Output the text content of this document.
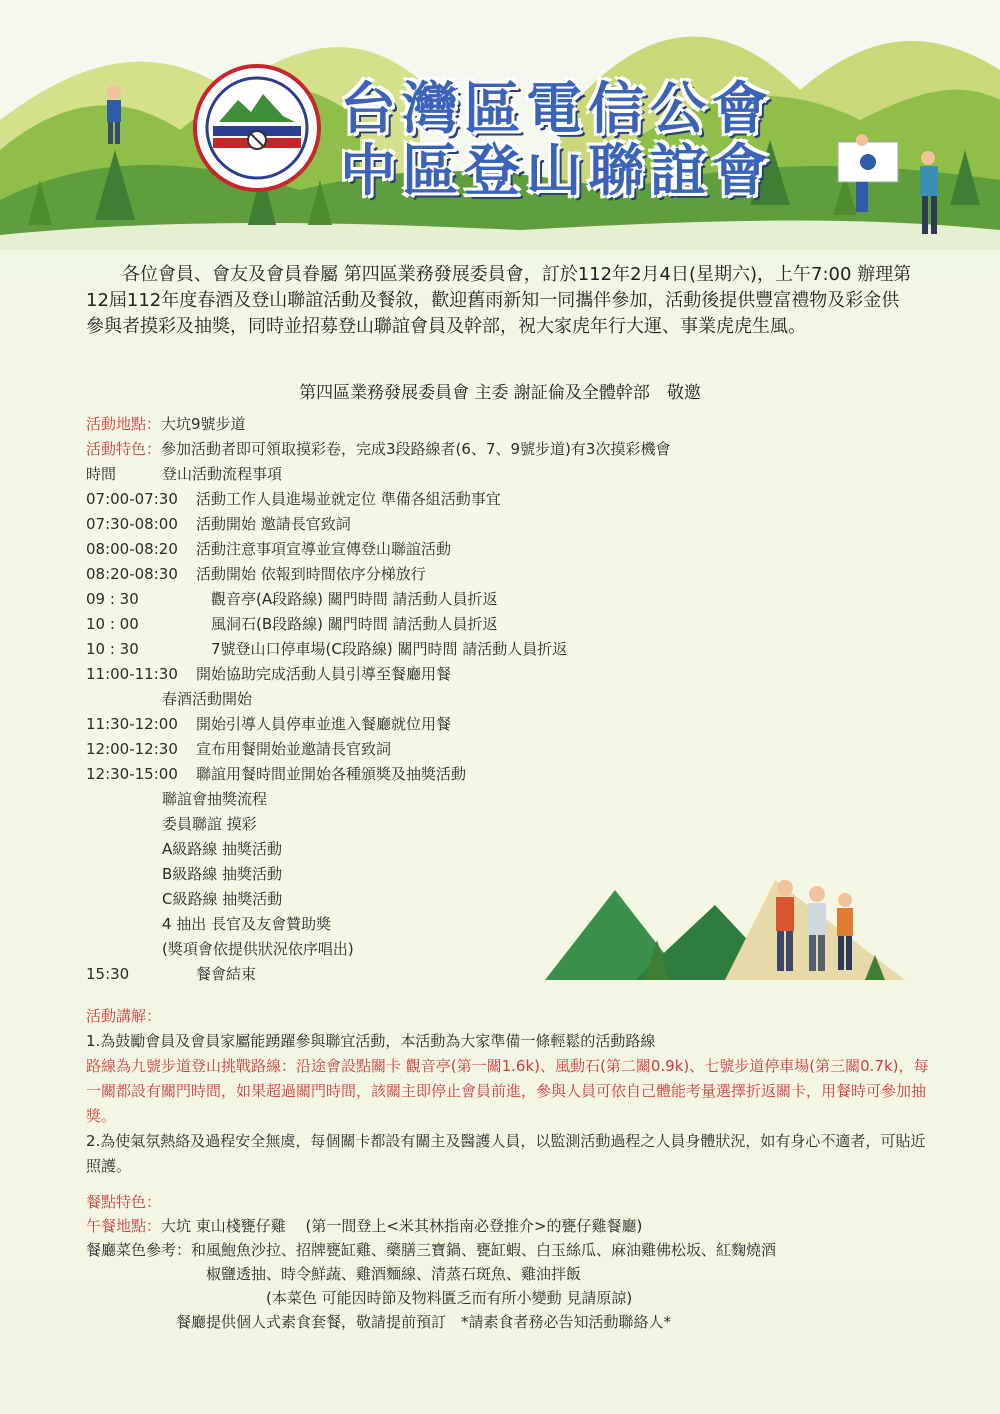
台灣區電信公會
中區登山聯誼會

各位會員、會友及會員眷屬 第四區業務發展委員會，訂於112年2月4日(星期六)，上午7:00 辦理第12屆112年度春酒及登山聯誼活動及餐敘，歡迎舊雨新知一同攜伴參加，活動後提供豐富禮物及彩金供參與者摸彩及抽獎，同時並招募登山聯誼會員及幹部，祝大家虎年行大運、事業虎虎生風。

第四區業務發展委員會 主委 謝証倫及全體幹部　敬邀
活動地點：大坑9號步道
活動特色：參加活動者即可領取摸彩卷，完成3段路線者(6、7、9號步道)有3次摸彩機會
時間	登山活動流程事項
07:00-07:30 活動工作人員進場並就定位 準備各組活動事宜
07:30-08:00 活動開始 邀請長官致詞
08:00-08:20 活動注意事項宣導並宣傳登山聯誼活動
08:20-08:30 活動開始 依報到時間依序分梯放行
09 : 30	　觀音亭(A段路線) 關門時間 請活動人員折返
10 : 00	　風洞石(B段路線) 關門時間 請活動人員折返
10 : 30	　7號登山口停車場(C段路線) 關門時間 請活動人員折返
11:00-11:30 開始協助完成活動人員引導至餐廳用餐
春酒活動開始
11:30-12:00 開始引導人員停車並進入餐廳就位用餐
12:00-12:30 宣布用餐開始並邀請長官致詞
12:30-15:00 聯誼用餐時間並開始各種頒獎及抽獎活動
聯誼會抽獎流程
委員聯誼 摸彩
A級路線 抽獎活動
B級路線 抽獎活動
C級路線 抽獎活動
4 抽出 長官及友會贊助獎
(獎項會依提供狀況依序唱出)
15:30	餐會結束
活動講解：
1.為鼓勵會員及會員家屬能踴躍參與聯宜活動，本活動為大家準備一條輕鬆的活動路線
路線為九號步道登山挑戰路線：沿途會設點關卡 觀音亭(第一關1.6k)、風動石(第二關0.9k)、七號步道停車場(第三關0.7k)，每一關都設有關門時間，如果超過關門時間，該關主即停止會員前進，參與人員可依自己體能考量選擇折返關卡，用餐時可參加抽獎。
2.為使氣氛熱絡及過程安全無虞，每個關卡都設有關主及醫護人員，以監測活動過程之人員身體狀況，如有身心不適者，可貼近照護。
餐點特色：
午餐地點：大坑 東山棧甕仔雞　 (第一間登上<米其林指南必登推介>的甕仔雞餐廳)
餐廳菜色參考：和風鮑魚沙拉、招牌甕缸雞、藥膳三寶鍋、甕缸蝦、白玉絲瓜、麻油雞佛松坂、紅麴燒酒
椒鹽透抽、時令鮮蔬、雞酒麵線、清蒸石斑魚、雞油拌飯
(本菜色 可能因時節及物料匱乏而有所小變動 見請原諒)
餐廳提供個人式素食套餐，敬請提前預訂　*請素食者務必告知活動聯絡人*
